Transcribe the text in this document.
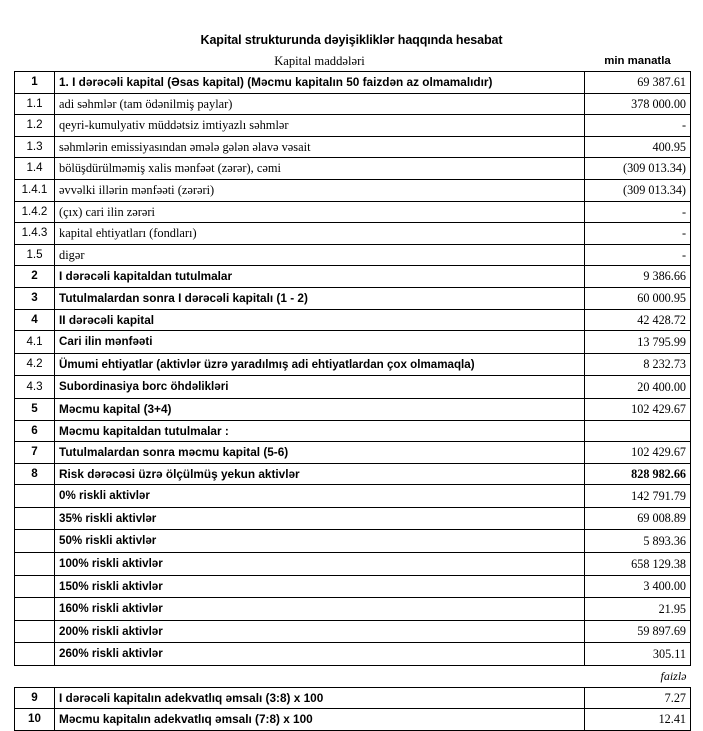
Kapital strukturunda dəyişikliklər haqqında hesabat
	Kapital maddələri	min manatla
1	1. I dərəcəli kapital (Əsas kapital) (Məcmu kapitalın 50 faizdən az olmamalıdır)	69 387.61
1.1	adi səhmlər (tam ödənilmiş paylar)	378 000.00
1.2	qeyri-kumulyativ müddətsiz imtiyazlı səhmlər	-
1.3	səhmlərin emissiyasından əmələ gələn əlavə vəsait	400.95
1.4	bölüşdürülməmiş xalis mənfəət (zərər), cəmi	(309 013.34)
1.4.1	əvvəlki illərin mənfəəti (zərəri)	(309 013.34)
1.4.2	(çıx) cari ilin zərəri	-
1.4.3	kapital ehtiyatları (fondları)	-
1.5	digər	-
2	I dərəcəli kapitaldan tutulmalar	9 386.66
3	Tutulmalardan sonra I dərəcəli kapitalı (1 - 2)	60 000.95
4	II dərəcəli kapital	42 428.72
4.1	Cari ilin mənfəəti	13 795.99
4.2	Ümumi ehtiyatlar (aktivlər üzrə yaradılmış adi ehtiyatlardan çox olmamaqla)	8 232.73
4.3	Subordinasiya borc öhdəlikləri	20 400.00
5	Məcmu kapital (3+4)	102 429.67
6	Məcmu kapitaldan tutulmalar :	
7	Tutulmalardan sonra məcmu kapital (5-6)	102 429.67
8	Risk dərəcəsi üzrə ölçülmüş yekun aktivlər	828 982.66
	0% riskli aktivlər	142 791.79
	35% riskli aktivlər	69 008.89
	50% riskli aktivlər	5 893.36
	100% riskli aktivlər	658 129.38
	150% riskli aktivlər	3 400.00
	160% riskli aktivlər	21.95
	200% riskli aktivlər	59 897.69
	260% riskli aktivlər	305.11
		faizlə
9	I dərəcəli kapitalın adekvatlıq əmsalı (3:8) x 100	7.27
10	Məcmu kapitalın adekvatlıq əmsalı (7:8) x 100	12.41
